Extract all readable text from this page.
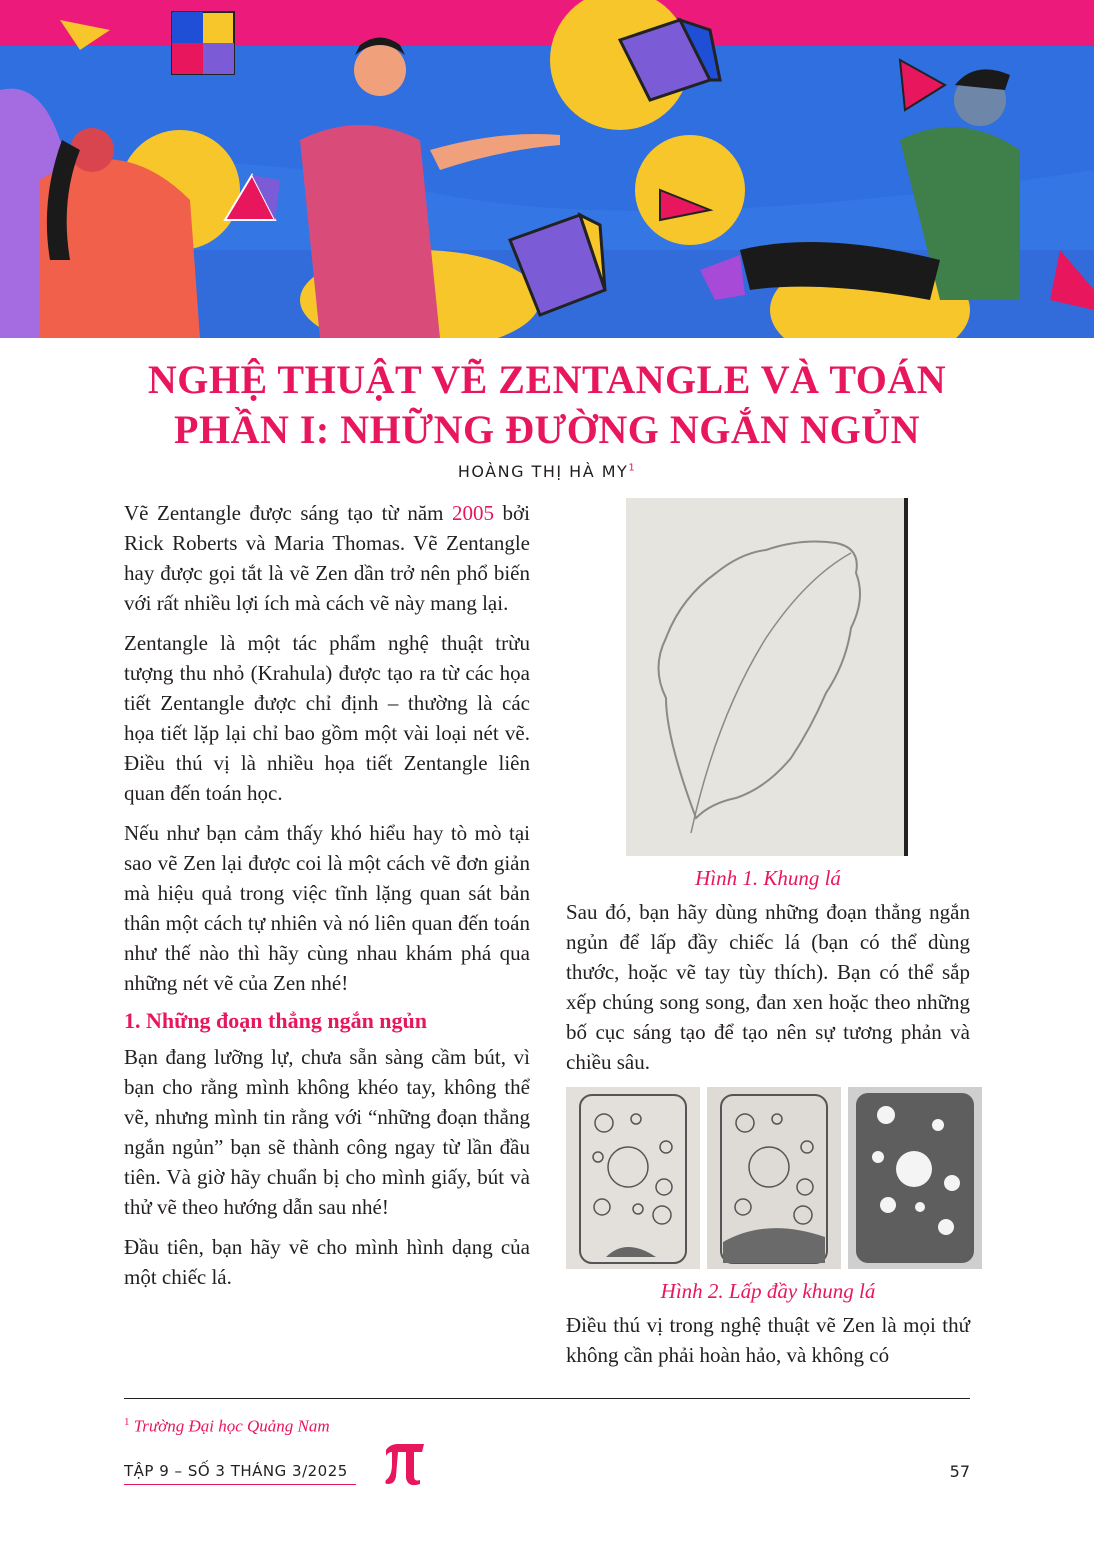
NGHỆ THUẬT VẼ ZENTANGLE VÀ TOÁN
PHẦN I: NHỮNG ĐƯỜNG NGẮN NGỦN
HOÀNG THỊ HÀ $MY^1$

Vẽ Zentangle được sáng tạo từ năm 2005 bởi Rick Roberts và Maria Thomas. Vẽ Zentangle hay được gọi tắt là vẽ Zen dần trở nên phổ biến với rất nhiều lợi ích mà cách vẽ này mang lại.

Zentangle là một tác phẩm nghệ thuật trừu tượng thu nhỏ (Krahula) được tạo ra từ các họa tiết Zentangle được chỉ định – thường là các họa tiết lặp lại chỉ bao gồm một vài loại nét vẽ. Điều thú vị là nhiều họa tiết Zentangle liên quan đến toán học.

Nếu như bạn cảm thấy khó hiểu hay tò mò tại sao vẽ Zen lại được coi là một cách vẽ đơn giản mà hiệu quả trong việc tĩnh lặng quan sát bản thân một cách tự nhiên và nó liên quan đến toán như thế nào thì hãy cùng nhau khám phá qua những nét vẽ của Zen nhé!

1. Những đoạn thẳng ngắn ngủn

Bạn đang lưỡng lự, chưa sẵn sàng cầm bút, vì bạn cho rằng mình không khéo tay, không thể vẽ, nhưng mình tin rằng với “những đoạn thẳng ngắn ngủn” bạn sẽ thành công ngay từ lần đầu tiên. Và giờ hãy chuẩn bị cho mình giấy, bút và thử vẽ theo hướng dẫn sau nhé!

Đầu tiên, bạn hãy vẽ cho mình hình dạng của một chiếc lá.

Hình 1. Khung lá

Sau đó, bạn hãy dùng những đoạn thẳng ngắn ngủn để lấp đầy chiếc lá (bạn có thể dùng thước, hoặc vẽ tay tùy thích). Bạn có thể sắp xếp chúng song song, đan xen hoặc theo những bố cục sáng tạo để tạo nên sự tương phản và chiều sâu.

Hình 2. Lấp đầy khung lá

Điều thú vị trong nghệ thuật vẽ Zen là mọi thứ không cần phải hoàn hảo, và không có

$^1$ Trường Đại học Quảng Nam
TẬP 9 – SỐ 3 THÁNG 3/2025	57
